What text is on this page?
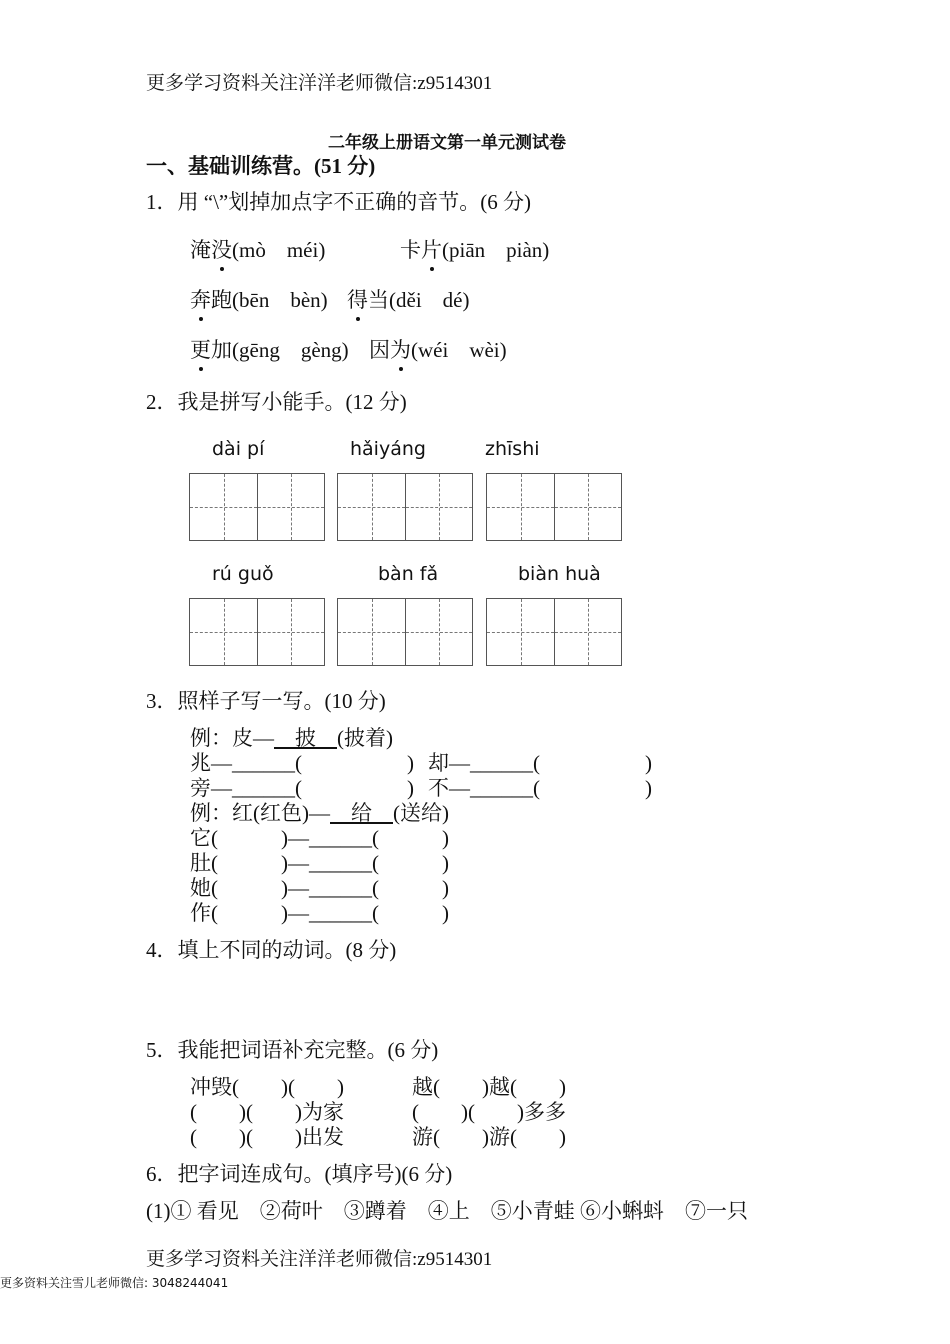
更多学习资料关注洋洋老师微信:z9514301
二年级上册语文第一单元测试卷
一、基础训练营。(51 分)
1．用 “\”划掉加点字不正确的音节。(6 分)
淹没(mò　méi)	卡片(piān　piàn)
奔跑(bēn　bèn) 得当(děi　dé)
更加(gēng　gèng) 因为(wéi　wèi)
2．我是拼写小能手。(12 分)
dài pí	hǎiyáng	zhīshi
rú guǒ	bàn fǎ	biàn huà
3．照样子写一写。(10 分)
例：皮—　披　(披着)
兆—______(　　　　　) 却—______(　　　　　)
旁—______(　　　　　) 不—______(　　　　　)
例：红(红色)—　给　(送给)
它(　　　)—______(　　　)
肚(　　　)—______(　　　)
她(　　　)—______(　　　)
作(　　　)—______(　　　)
4．填上不同的动词。(8 分)
5．我能把词语补充完整。(6 分)
冲毁(　　)(　　)	越(　　)越(　　)
(　　)(　　)为家	(　　)(　　)多多
(　　)(　　)出发	游(　　)游(　　)
6．把字词连成句。(填序号)(6 分)
(1)① 看见　②荷叶　③蹲着　④上　⑤小青蛙 ⑥小蝌蚪　⑦一只
更多学习资料关注洋洋老师微信:z9514301
更多资料关注雪儿老师微信: 3048244041
